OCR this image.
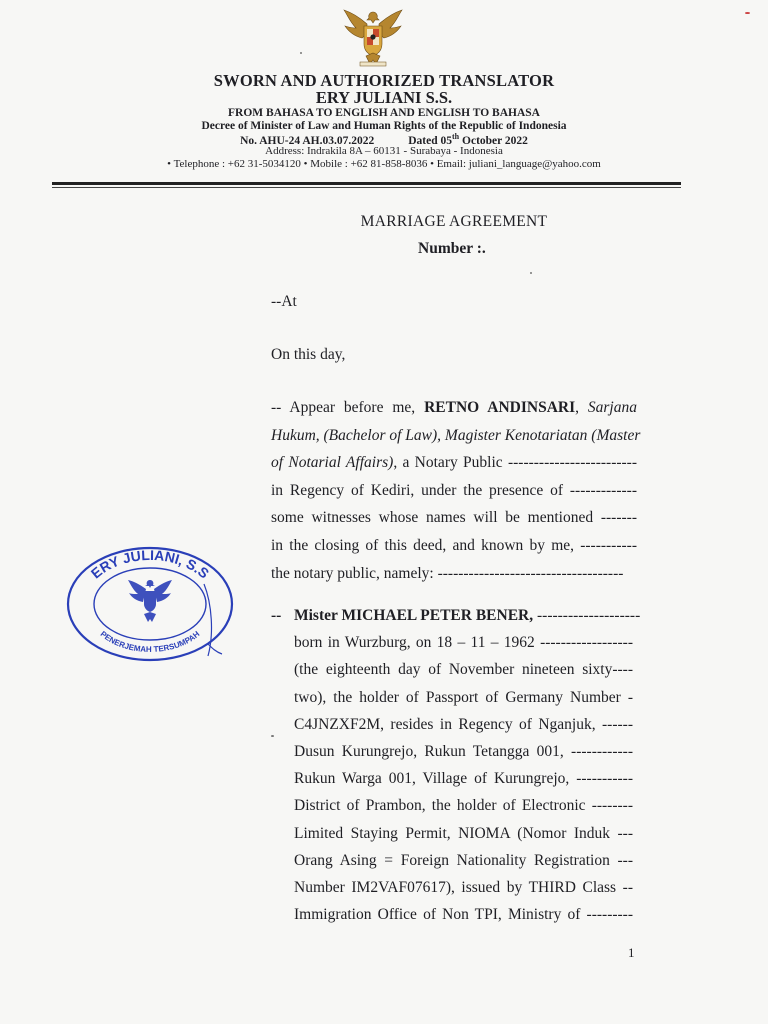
SWORN AND AUTHORIZED TRANSLATOR
ERY JULIANI S.S.
FROM BAHASA TO ENGLISH AND ENGLISH TO BAHASA
Decree of Minister of Law and Human Rights of the Republic of Indonesia
No. AHU-24 AH.03.07.2022	Dated 05th October 2022
Address: Indrakila 8A – 60131 - Surabaya - Indonesia
• Telephone : +62 31-5034120 • Mobile : +62 81-858-8036 • Email: juliani_language@yahoo.com
MARRIAGE AGREEMENT
Number :.
--At
On this day,
-- Appear before me, RETNO ANDINSARI, Sarjana
Hukum, (Bachelor of Law), Magister Kenotariatan (Master
of Notarial Affairs), a Notary Public -------------------------
in Regency of Kediri, under the presence of -------------
some witnesses whose names will be mentioned -------
in the closing of this deed, and known by me, -----------
the notary public, namely: ------------------------------------
-- Mister MICHAEL PETER BENER, --------------------
born in Wurzburg, on 18 – 11 – 1962 ------------------
(the eighteenth day of November nineteen sixty----
two), the holder of Passport of Germany Number -
C4JNZXF2M, resides in Regency of Nganjuk, ------
Dusun Kurungrejo, Rukun Tetangga 001, ------------
Rukun Warga 001, Village of Kurungrejo, -----------
District of Prambon, the holder of Electronic --------
Limited Staying Permit, NIOMA (Nomor Induk ---
Orang Asing = Foreign Nationality Registration ---
Number IM2VAF07617), issued by THIRD Class --
Immigration Office of Non TPI, Ministry of ---------
1
ERY JULIANI, S.S
PENERJEMAH TERSUMPAH
